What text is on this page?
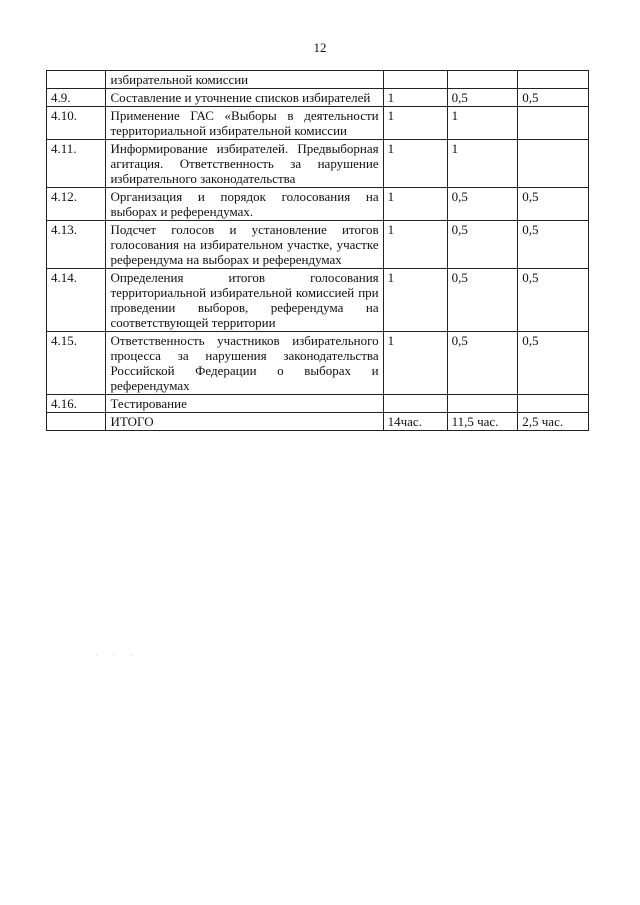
12
	избирательной комиссии			
4.9.	Составление и уточнение списков избирателей	1	0,5	0,5
4.10.	Применение ГАС «Выборы в деятельности территориальной избирательной комиссии	1	1	
4.11.	Информирование избирателей. Предвыборная агитация. Ответственность за нарушение избирательного законодательства	1	1	
4.12.	Организация и порядок голосования на выборах и референдумах.	1	0,5	0,5
4.13.	Подсчет голосов и установление итогов голосования на избирательном участке, участке референдума на выборах и референдумах	1	0,5	0,5
4.14.	Определения итогов голосования территориальной избирательной комиссией при проведении выборов, референдума на соответствующей территории	1	0,5	0,5
4.15.	Ответственность участников избирательного процесса за нарушения законодательства Российской Федерации о выборах и референдумах	1	0,5	0,5
4.16.	Тестирование			
	ИТОГО	14час.	11,5 час.	2,5 час.
· · ·
